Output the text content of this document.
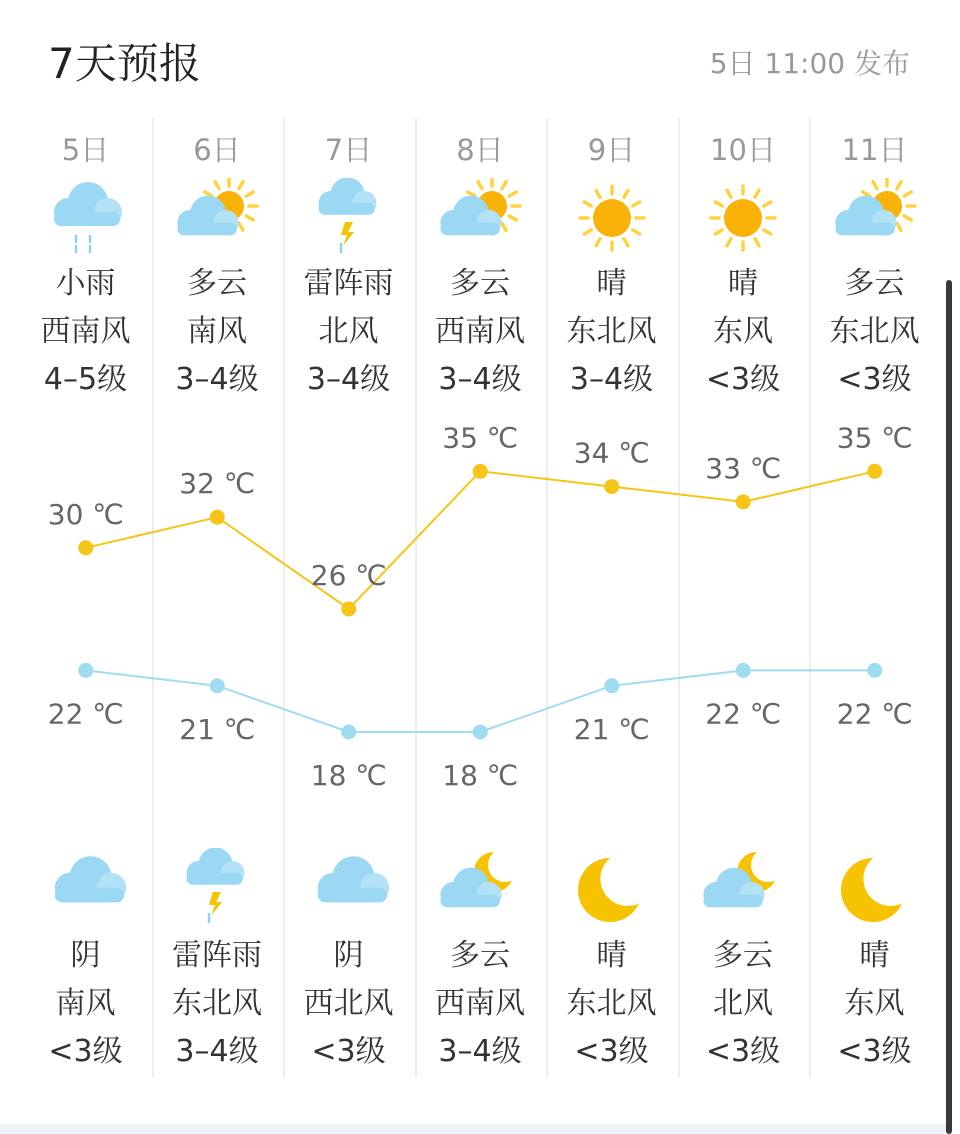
7天预报	5日 11:00 发布
5日
小雨
西南风
4–5级
阴
南风
<3级
6日
多云
南风
3–4级
雷阵雨
东北风
3–4级
7日
雷阵雨
北风
3–4级
阴
西北风
<3级
8日
多云
西南风
3–4级
多云
西南风
3–4级
9日
晴
东北风
3–4级
晴
东北风
<3级
10日
晴
东风
<3级
多云
北风
<3级
11日
多云
东北风
<3级
晴
东风
<3级
30 ℃
32 ℃
26 ℃
35 ℃ 34 ℃ 33 ℃
35 ℃
22 ℃ 21 ℃
18 ℃ 18 ℃
21 ℃ 22 ℃ 22 ℃
